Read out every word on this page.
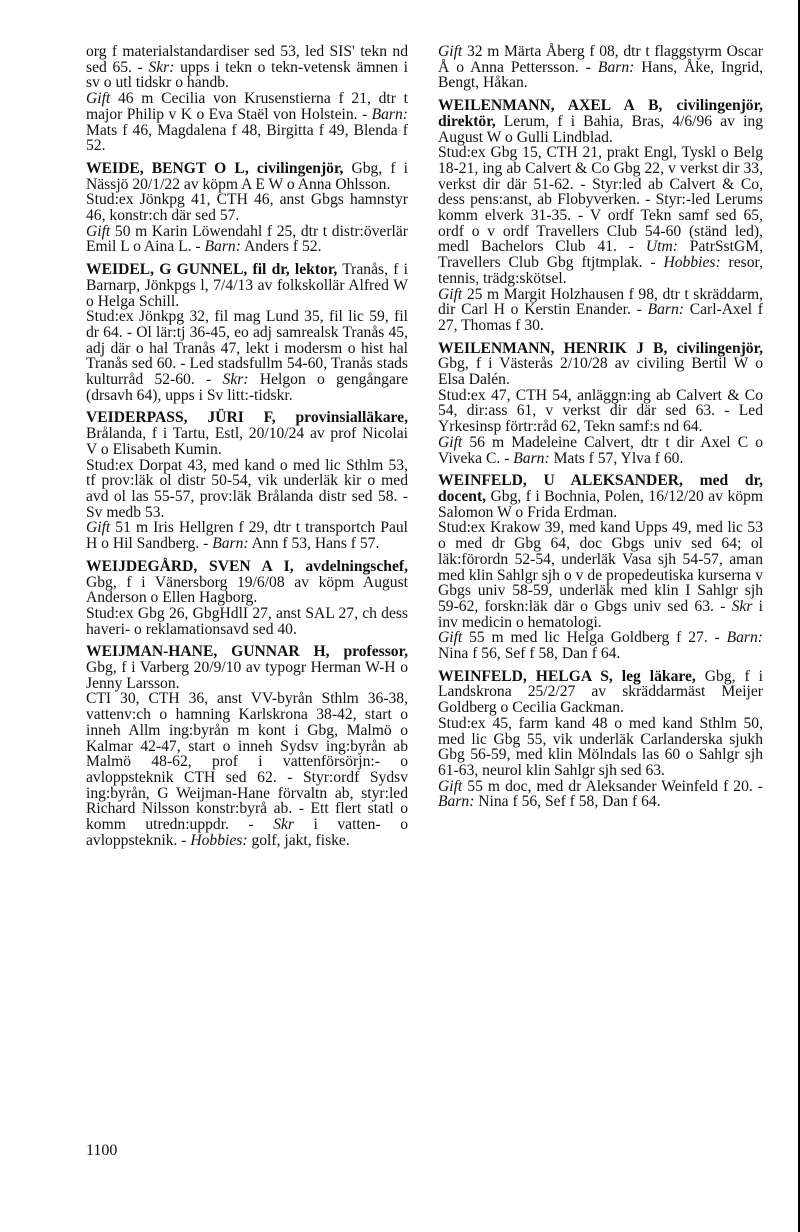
org f materialstandardiser sed 53, led SIS' tekn nd sed 65. - Skr: upps i tekn o tekn-vetensk ämnen i sv o utl tidskr o handb.

Gift 46 m Cecilia von Krusenstierna f 21, dtr t major Philip v K o Eva Staël von Holstein. - Barn: Mats f 46, Magdalena f 48, Birgitta f 49, Blenda f 52.

WEIDE, BENGT O L, civilingenjör, Gbg, f i Nässjö 20/1/22 av köpm A E W o Anna Ohlsson.

Stud:ex Jönkpg 41, CTH 46, anst Gbgs hamnstyr 46, konstr:ch där sed 57.

Gift 50 m Karin Löwendahl f 25, dtr t distr:överlär Emil L o Aina L. - Barn: Anders f 52.

WEIDEL, G GUNNEL, fil dr, lektor, Tranås, f i Barnarp, Jönkpgs l, 7/4/13 av folkskollär Alfred W o Helga Schill.

Stud:ex Jönkpg 32, fil mag Lund 35, fil lic 59, fil dr 64. - Ol lär:tj 36-45, eo adj samrealsk Tranås 45, adj där o hal Tranås 47, lekt i modersm o hist hal Tranås sed 60. - Led stadsfullm 54-60, Tranås stads kulturråd 52-60. - Skr: Helgon o gengångare (drsavh 64), upps i Sv litt:-tidskr.

VEIDERPASS, JÜRI F, provinsialläkare, Brålanda, f i Tartu, Estl, 20/10/24 av prof Nicolai V o Elisabeth Kumin.

Stud:ex Dorpat 43, med kand o med lic Sthlm 53, tf prov:läk ol distr 50-54, vik underläk kir o med avd ol las 55-57, prov:läk Brålanda distr sed 58. - Sv medb 53.

Gift 51 m Iris Hellgren f 29, dtr t transportch Paul H o Hil Sandberg. - Barn: Ann f 53, Hans f 57.

WEIJDEGÅRD, SVEN A I, avdelningschef, Gbg, f i Vänersborg 19/6/08 av köpm August Anderson o Ellen Hagborg.

Stud:ex Gbg 26, GbgHdlI 27, anst SAL 27, ch dess haveri- o reklamationsavd sed 40.

WEIJMAN-HANE, GUNNAR H, professor, Gbg, f i Varberg 20/9/10 av typogr Herman W-H o Jenny Larsson.

CTI 30, CTH 36, anst VV-byrån Sthlm 36-38, vattenv:ch o hamning Karlskrona 38-42, start o inneh Allm ing:byrån m kont i Gbg, Malmö o Kalmar 42-47, start o inneh Sydsv ing:byrån ab Malmö 48-62, prof i vattenförsörjn:- o avloppsteknik CTH sed 62. - Styr:ordf Sydsv ing:byrån, G Weijman-Hane förvaltn ab, styr:led Richard Nilsson konstr:byrå ab. - Ett flert statl o komm utredn:uppdr. - Skr i vatten- o avloppsteknik. - Hobbies: golf, jakt, fiske.

Gift 32 m Märta Åberg f 08, dtr t flaggstyrm Oscar Å o Anna Pettersson. - Barn: Hans, Åke, Ingrid, Bengt, Håkan.

WEILENMANN, AXEL A B, civilingenjör, direktör, Lerum, f i Bahia, Bras, 4/6/96 av ing August W o Gulli Lindblad.

Stud:ex Gbg 15, CTH 21, prakt Engl, Tyskl o Belg 18-21, ing ab Calvert & Co Gbg 22, v verkst dir 33, verkst dir där 51-62. - Styr:led ab Calvert & Co, dess pens:anst, ab Flobyverken. - Styr:-led Lerums komm elverk 31-35. - V ordf Tekn samf sed 65, ordf o v ordf Travellers Club 54-60 (ständ led), medl Bachelors Club 41. - Utm: PatrSstGM, Travellers Club Gbg ftjtmplak. - Hobbies: resor, tennis, trädg:skötsel.

Gift 25 m Margit Holzhausen f 98, dtr t skräddarm, dir Carl H o Kerstin Enander. - Barn: Carl-Axel f 27, Thomas f 30.

WEILENMANN, HENRIK J B, civilingenjör, Gbg, f i Västerås 2/10/28 av civiling Bertil W o Elsa Dalén.

Stud:ex 47, CTH 54, anläggn:ing ab Calvert & Co 54, dir:ass 61, v verkst dir där sed 63. - Led Yrkesinsp förtr:råd 62, Tekn samf:s nd 64.

Gift 56 m Madeleine Calvert, dtr t dir Axel C o Viveka C. - Barn: Mats f 57, Ylva f 60.

WEINFELD, U ALEKSANDER, med dr, docent, Gbg, f i Bochnia, Polen, 16/12/20 av köpm Salomon W o Frida Erdman.

Stud:ex Krakow 39, med kand Upps 49, med lic 53 o med dr Gbg 64, doc Gbgs univ sed 64; ol läk:förordn 52-54, underläk Vasa sjh 54-57, aman med klin Sahlgr sjh o v de propedeutiska kurserna v Gbgs univ 58-59, underläk med klin I Sahlgr sjh 59-62, forskn:läk där o Gbgs univ sed 63. - Skr i inv medicin o hematologi.

Gift 55 m med lic Helga Goldberg f 27. - Barn: Nina f 56, Sef f 58, Dan f 64.

WEINFELD, HELGA S, leg läkare, Gbg, f i Landskrona 25/2/27 av skräddarmäst Meijer Goldberg o Cecilia Gackman.

Stud:ex 45, farm kand 48 o med kand Sthlm 50, med lic Gbg 55, vik underläk Carlanderska sjukh Gbg 56-59, med klin Mölndals las 60 o Sahlgr sjh 61-63, neurol klin Sahlgr sjh sed 63.

Gift 55 m doc, med dr Aleksander Weinfeld f 20. - Barn: Nina f 56, Sef f 58, Dan f 64.

1100
